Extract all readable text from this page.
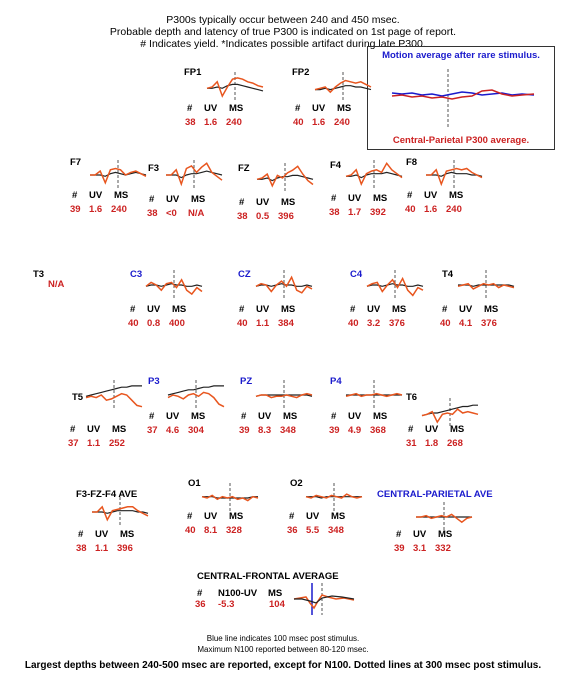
P300s typically occur between 240 and 450 msec.
Probable depth and latency of true P300 is indicated on 1st page of report.
# Indicates yield. *Indicates possible artifact during late P300.
Motion average after rare stimulus.
Central-Parietal P300 average.
FP1
# UV MS
38 1.6 240
FP2
# UV MS
40 1.6 240
F7
# UV MS
39 1.6 240
F3
# UV MS
38 <0 N/A
FZ
# UV MS
38 0.5 396
F4
# UV MS
38 1.7 392
F8
# UV MS
40 1.6 240
C3
# UV MS
40 0.8 400
CZ
# UV MS
40 1.1 384
C4
# UV MS
40 3.2 376
T4
# UV MS
40 4.1 376
T5
# UV MS
37 1.1 252
P3
# UV MS
37 4.6 304
PZ
# UV MS
39 8.3 348
P4
# UV MS
39 4.9 368
T6
# UV MS
31 1.8 268
O1
# UV MS
40 8.1 328
O2
# UV MS
36 5.5 348
F3-FZ-F4 AVE
# UV MS
38 1.1 396
CENTRAL-PARIETAL AVE
# UV MS
39 3.1 332
T3
N/A
CENTRAL-FRONTAL AVERAGE
# N100-UV MS
36 -5.3	104
Blue line indicates 100 msec post stimulus.
Maximum N100 reported between 80-120 msec.
Largest depths between 240-500 msec are reported, except for N100. Dotted lines at 300 msec post stimulus.
